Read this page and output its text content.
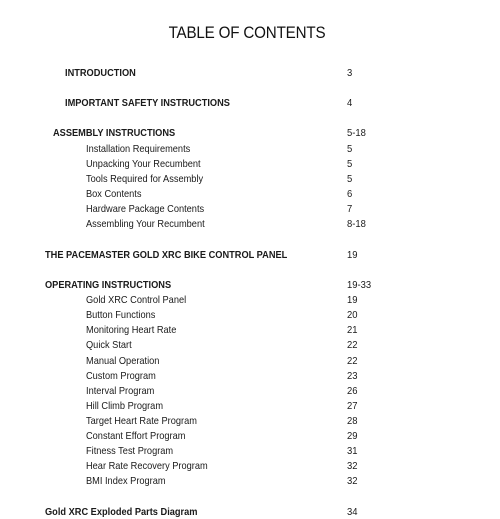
TABLE OF CONTENTS
INTRODUCTION	3
IMPORTANT SAFETY INSTRUCTIONS	4
ASSEMBLY INSTRUCTIONS	5-18
Installation Requirements	5
Unpacking Your Recumbent	5
Tools Required for Assembly	5
Box Contents	6
Hardware Package Contents	7
Assembling Your Recumbent	8-18
THE PACEMASTER GOLD XRC BIKE CONTROL PANEL	19
OPERATING INSTRUCTIONS	19-33
Gold XRC Control Panel	19
Button Functions	20
Monitoring Heart Rate	21
Quick Start	22
Manual Operation	22
Custom Program	23
Interval Program	26
Hill Climb Program	27
Target Heart Rate Program	28
Constant Effort Program	29
Fitness Test Program	31
Hear Rate Recovery Program	32
BMI Index Program	32
Gold XRC Exploded Parts Diagram	34
